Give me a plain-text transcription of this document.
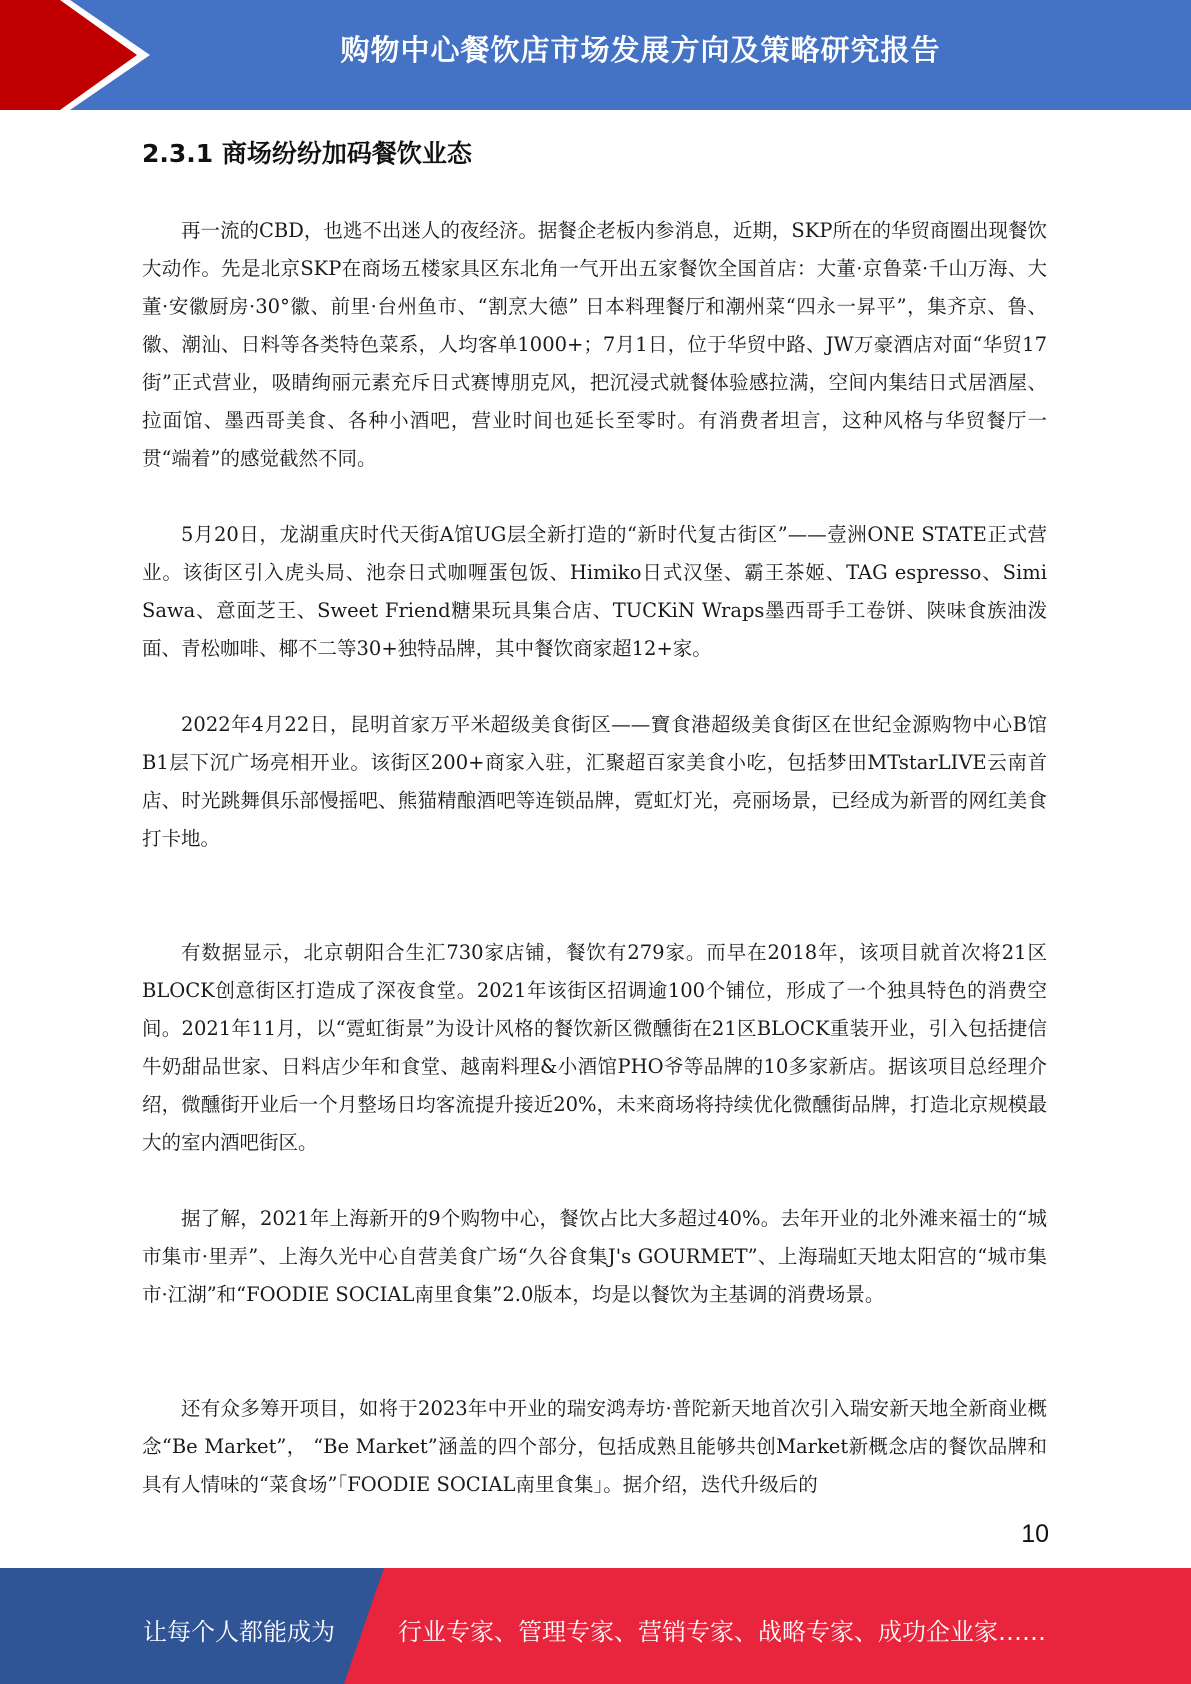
购物中心餐饮店市场发展方向及策略研究报告
2.3.1 商场纷纷加码餐饮业态

再一流的CBD，也逃不出迷人的夜经济。据餐企老板内参消息，近期，SKP所在的华贸商圈出现餐饮大动作。先是北京SKP在商场五楼家具区东北角一气开出五家餐饮全国首店：大董·京鲁菜·千山万海、大董·安徽厨房·30°徽、前里·台州鱼市、“割烹大德” 日本料理餐厅和潮州菜“四永一昇平”，集齐京、鲁、徽、潮汕、日料等各类特色菜系，人均客单1000+；7月1日，位于华贸中路、JW万豪酒店对面“华贸17街”正式营业，吸睛绚丽元素充斥日式赛博朋克风，把沉浸式就餐体验感拉满，空间内集结日式居酒屋、拉面馆、墨西哥美食、各种小酒吧，营业时间也延长至零时。有消费者坦言，这种风格与华贸餐厅一贯“端着”的感觉截然不同。

5月20日，龙湖重庆时代天街A馆UG层全新打造的“新时代复古街区”——壹洲ONE STATE正式营业。该街区引入虎头局、池奈日式咖喱蛋包饭、Himiko日式汉堡、霸王茶姬、TAG espresso、Simi Sawa、意面芝王、Sweet Friend糖果玩具集合店、TUCKiN Wraps墨西哥手工卷饼、陕味食族油泼面、青松咖啡、椰不二等30+独特品牌，其中餐饮商家超12+家。

2022年4月22日，昆明首家万平米超级美食街区——寶食港超级美食街区在世纪金源购物中心B馆B1层下沉广场亮相开业。该街区200+商家入驻，汇聚超百家美食小吃，包括梦田MTstarLIVE云南首店、时光跳舞俱乐部慢摇吧、熊猫精酿酒吧等连锁品牌，霓虹灯光，亮丽场景，已经成为新晋的网红美食打卡地。

有数据显示，北京朝阳合生汇730家店铺，餐饮有279家。而早在2018年，该项目就首次将21区BLOCK创意街区打造成了深夜食堂。2021年该街区招调逾100个铺位，形成了一个独具特色的消费空间。2021年11月，以“霓虹街景”为设计风格的餐饮新区微醺街在21区BLOCK重装开业，引入包括捷信牛奶甜品世家、日料店少年和食堂、越南料理&小酒馆PHO爷等品牌的10多家新店。据该项目总经理介绍，微醺街开业后一个月整场日均客流提升接近20%，未来商场将持续优化微醺街品牌，打造北京规模最大的室内酒吧街区。

据了解，2021年上海新开的9个购物中心，餐饮占比大多超过40%。去年开业的北外滩来福士的“城市集市·里弄”、上海久光中心自营美食广场“久谷食集J's GOURMET”、上海瑞虹天地太阳宫的“城市集市·江湖”和“FOODIE SOCIAL南里食集”2.0版本，均是以餐饮为主基调的消费场景。

还有众多筹开项目，如将于2023年中开业的瑞安鸿寿坊·普陀新天地首次引入瑞安新天地全新商业概念“Be Market”， “Be Market”涵盖的四个部分，包括成熟且能够共创Market新概念店的餐饮品牌和具有人情味的“菜食场”「FOODIE SOCIAL南里食集」。据介绍，迭代升级后的

10
让每个人都能成为	行业专家、管理专家、营销专家、战略专家、成功企业家……
